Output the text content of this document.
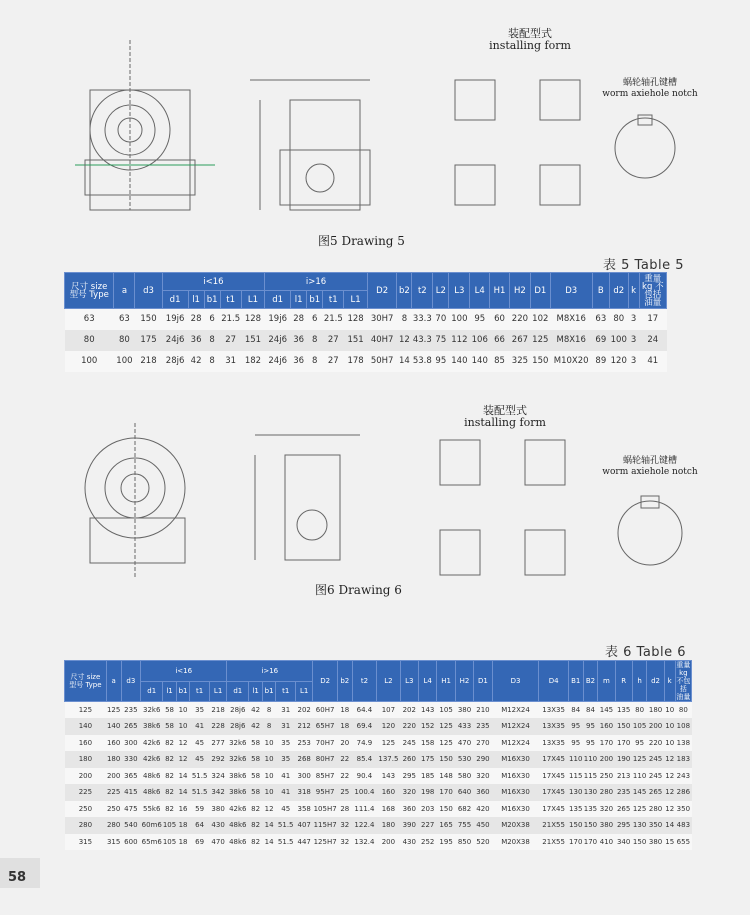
装配型式
installing form
蜗轮轴孔键槽
worm axiehole notch
图5 Drawing 5
表 5 Table 5
尺寸 size
型号 Type	a	d3	i<16					i>16					D2	b2	t2	L2	L3	L4	H1	H2	D1	D3	B	d2	k	重量 kg 不包括 油量
			d1	l1	b1	t1	L1	d1	l1	b1	t1	L1														
63	63	150	19j6	28	6	21.5	128	19j6	28	6	21.5	128	30H7	8	33.3	70	100	95	60	220	102	M8X16	63	80	3	17
80	80	175	24j6	36	8	27	151	24j6	36	8	27	151	40H7	12	43.3	75	112	106	66	267	125	M8X16	69	100	3	24
100	100	218	28j6	42	8	31	182	24j6	36	8	27	178	50H7	14	53.8	95	140	140	85	325	150	M10X20	89	120	3	41
装配型式
installing form
蜗轮轴孔键槽
worm axiehole notch
图6 Drawing 6
表 6 Table 6
尺寸 size
型号 Type	a	d3	i<16					i>16					D2	b2	t2	L2	L3	L4	H1	H2	D1	D3	D4	B1	B2	m	R	h	d2	k	重量 kg 不包括 油量
			d1	l1	b1	t1	L1	d1	l1	b1	t1	L1																			
125	125	235	32k6	58	10	35	218	28j6	42	8	31	202	60H7	18	64.4	107	202	143	105	380	210	M12X24	13X35	84	84	145	135	80	180	10	80
140	140	265	38k6	58	10	41	228	28j6	42	8	31	212	65H7	18	69.4	120	220	152	125	433	235	M12X24	13X35	95	95	160	150	105	200	10	108
160	160	300	42k6	82	12	45	277	32k6	58	10	35	253	70H7	20	74.9	125	245	158	125	470	270	M12X24	13X35	95	95	170	170	95	220	10	138
180	180	330	42k6	82	12	45	292	32k6	58	10	35	268	80H7	22	85.4	137.5	260	175	150	530	290	M16X30	17X45	110	110	200	190	125	245	12	183
200	200	365	48k6	82	14	51.5	324	38k6	58	10	41	300	85H7	22	90.4	143	295	185	148	580	320	M16X30	17X45	115	115	250	213	110	245	12	243
225	225	415	48k6	82	14	51.5	342	38k6	58	10	41	318	95H7	25	100.4	160	320	198	170	640	360	M16X30	17X45	130	130	280	235	145	265	12	286
250	250	475	55k6	82	16	59	380	42k6	82	12	45	358	105H7	28	111.4	168	360	203	150	682	420	M16X30	17X45	135	135	320	265	125	280	12	350
280	280	540	60m6	105	18	64	430	48k6	82	14	51.5	407	115H7	32	122.4	180	390	227	165	755	450	M20X38	21X55	150	150	380	295	130	350	14	483
315	315	600	65m6	105	18	69	470	48k6	82	14	51.5	447	125H7	32	132.4	200	430	252	195	850	520	M20X38	21X55	170	170	410	340	150	380	15	655
58
